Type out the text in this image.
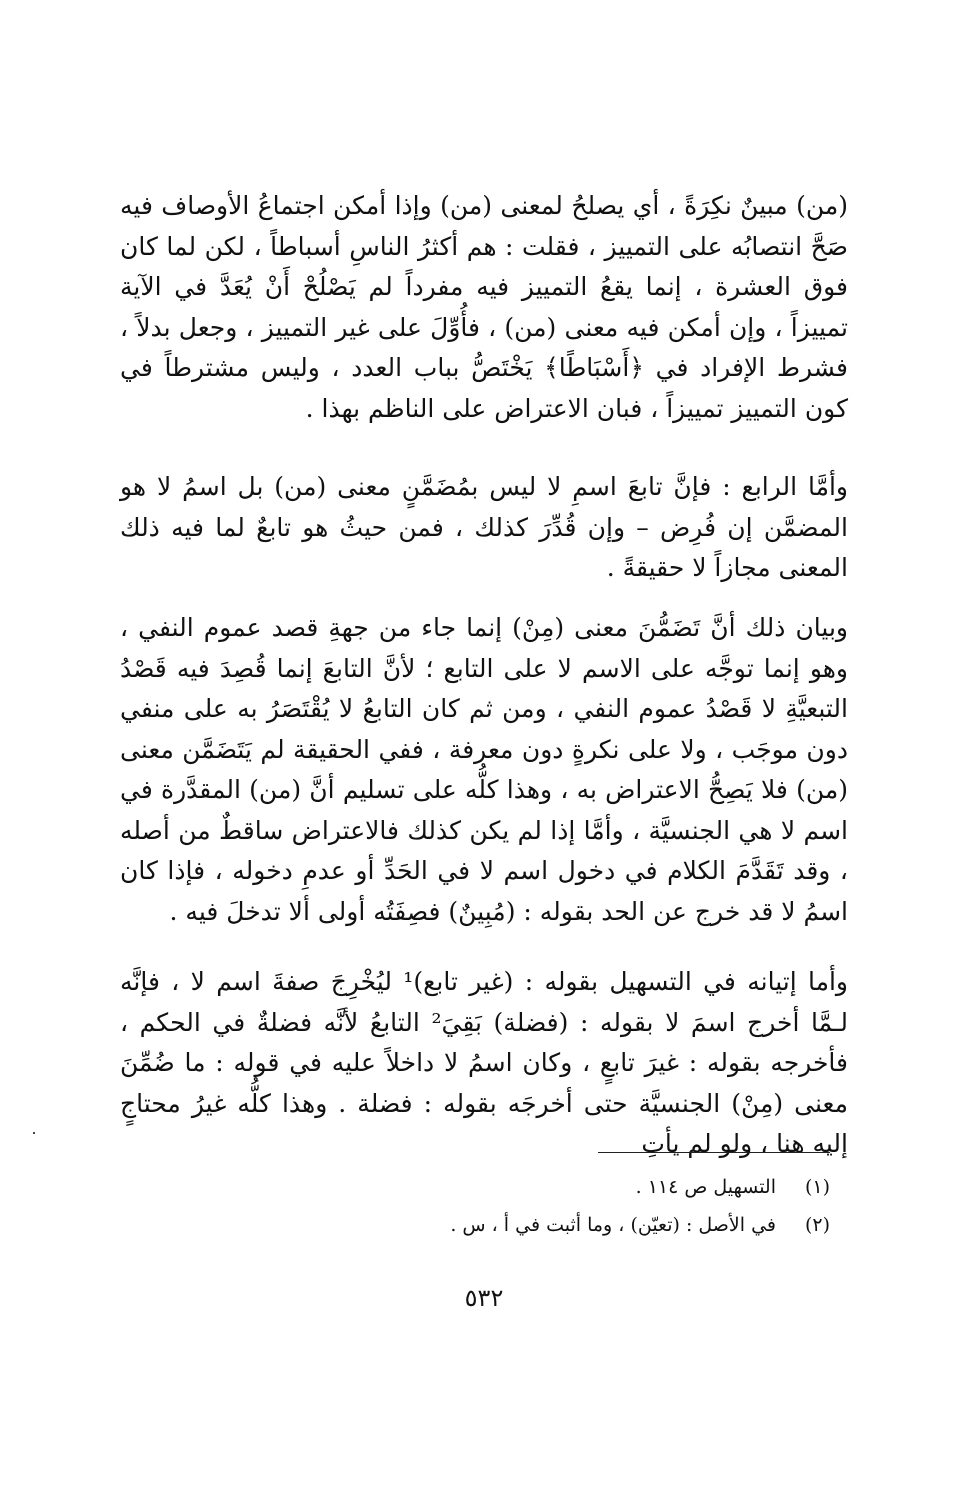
(من) مبينٌ نكِرَةً ، أي يصلحُ لمعنى (من) وإذا أمكن اجتماعُ الأوصاف فيه صَحَّ انتصابُه على التمييز ، فقلت : هم أكثرُ الناسِ أسباطاً ، لكن لما كان فوق العشرة ، إنما يقعُ التمييز فيه مفرداً لم يَصْلُحْ أَنْ يُعَدَّ في الآية تمييزاً ، وإن أمكن فيه معنى (من) ، فأُوِّلَ على غير التمييز ، وجعل بدلاً ، فشرط الإفراد في ﴿أَسْبَاطًا﴾ يَخْتَصُّ بباب العدد ، وليس مشترطاً في كون التمييز تمييزاً ، فبان الاعتراض على الناظم بهذا .

وأمَّا الرابع : فإنَّ تابعَ اسمِ لا ليس بمُضَمَّنٍ معنى (من) بل اسمُ لا هو المضمَّن إن فُرِض – وإن قُدِّرَ كذلك ، فمن حيثُ هو تابعٌ لما فيه ذلك المعنى مجازاً لا حقيقةً .

وبيان ذلك أنَّ تَضَمُّنَ معنى (مِنْ) إنما جاء من جهةِ قصد عموم النفي ، وهو إنما توجَّه على الاسم لا على التابع ؛ لأنَّ التابعَ إنما قُصِدَ فيه قَصْدُ التبعيَّةِ لا قَصْدُ عموم النفي ، ومن ثم كان التابعُ لا يُقْتَصَرُ به على منفي دون موجَب ، ولا على نكرةٍ دون معرفة ، ففي الحقيقة لم يَتَضَمَّن معنى (من) فلا يَصِحُّ الاعتراض به ، وهذا كلُّه على تسليم أنَّ (من) المقدَّرة في اسم لا هي الجنسيَّة ، وأمَّا إذا لم يكن كذلك فالاعتراض ساقطٌ من أصله ، وقد تَقَدَّمَ الكلام في دخول اسم لا في الحَدِّ أو عدمِ دخوله ، فإذا كان اسمُ لا قد خرج عن الحد بقوله : (مُبِينٌ) فصِفَتُه أولى ألا تدخلَ فيه .

وأما إتيانه في التسهيل بقوله : (غير تابع)¹ ليُخْرِجَ صفةَ اسم لا ، فإنَّه لـمَّا أخرج اسمَ لا بقوله : (فضلة) بَقِيَ² التابعُ لأنَّه فضلةٌ في الحكم ، فأخرجه بقوله : غيرَ تابعٍ ، وكان اسمُ لا داخلاً عليه في قوله : ما ضُمِّنَ معنى (مِنْ) الجنسيَّة حتى أخرجَه بقوله : فضلة . وهذا كلُّه غيرُ محتاجٍ إليه هنا ، ولو لم يأتِ

(١)التسهيل ص ١١٤ .
(٢)في الأصل : (تعيّن) ، وما أثبت في أ ، س .
٥٣٢
